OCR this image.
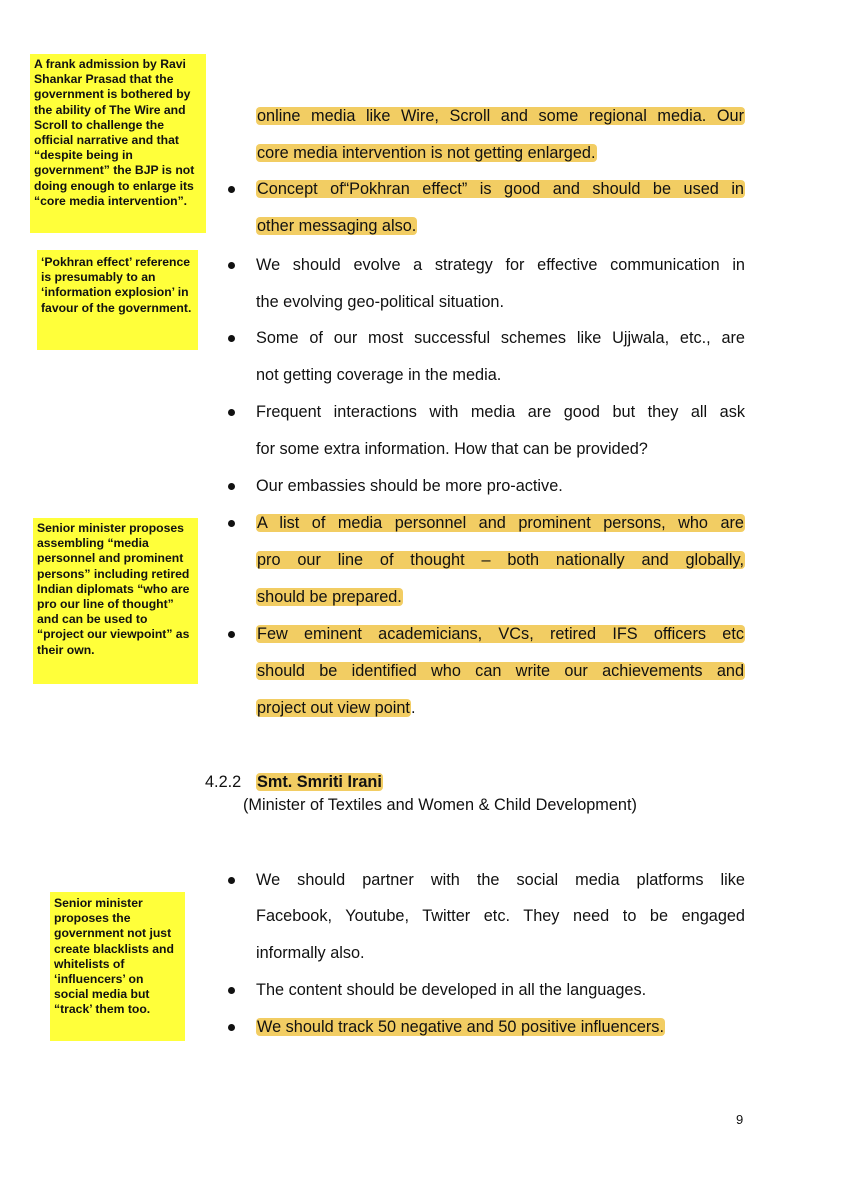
A frank admission by Ravi Shankar Prasad that the government is bothered by the ability of The Wire and Scroll to challenge the official narrative and that “despite being in government” the BJP is not doing enough to enlarge its “core media intervention”.
‘Pokhran effect’ reference is presumably to an ‘information explosion’ in favour of the government.
Senior minister proposes assembling “media personnel and prominent persons” including retired Indian diplomats “who are pro our line of thought” and can be used to “project our viewpoint” as their own.
Senior minister proposes the government not just create blacklists and whitelists of ‘influencers’ on social media but “track’ them too.
online media like Wire, Scroll and some regional media. Our
core media intervention is not getting enlarged.
Concept of“Pokhran effect” is good and should be used in
other messaging also.
We should evolve a strategy for effective communication in
the evolving geo-political situation.
Some of our most successful schemes like Ujjwala, etc., are
not getting coverage in the media.
Frequent interactions with media are good but they all ask
for some extra information. How that can be provided?
Our embassies should be more pro-active.
A list of media personnel and prominent persons, who are
pro our line of thought – both nationally and globally,
should be prepared.
Few eminent academicians, VCs, retired IFS officers etc
should be identified who can write our achievements and
project out view point.
4.2.2 Smt. Smriti Irani
(Minister of Textiles and Women & Child Development)
We should partner with the social media platforms like
Facebook, Youtube, Twitter etc. They need to be engaged
informally also.
The content should be developed in all the languages.
We should track 50 negative and 50 positive influencers.
9
